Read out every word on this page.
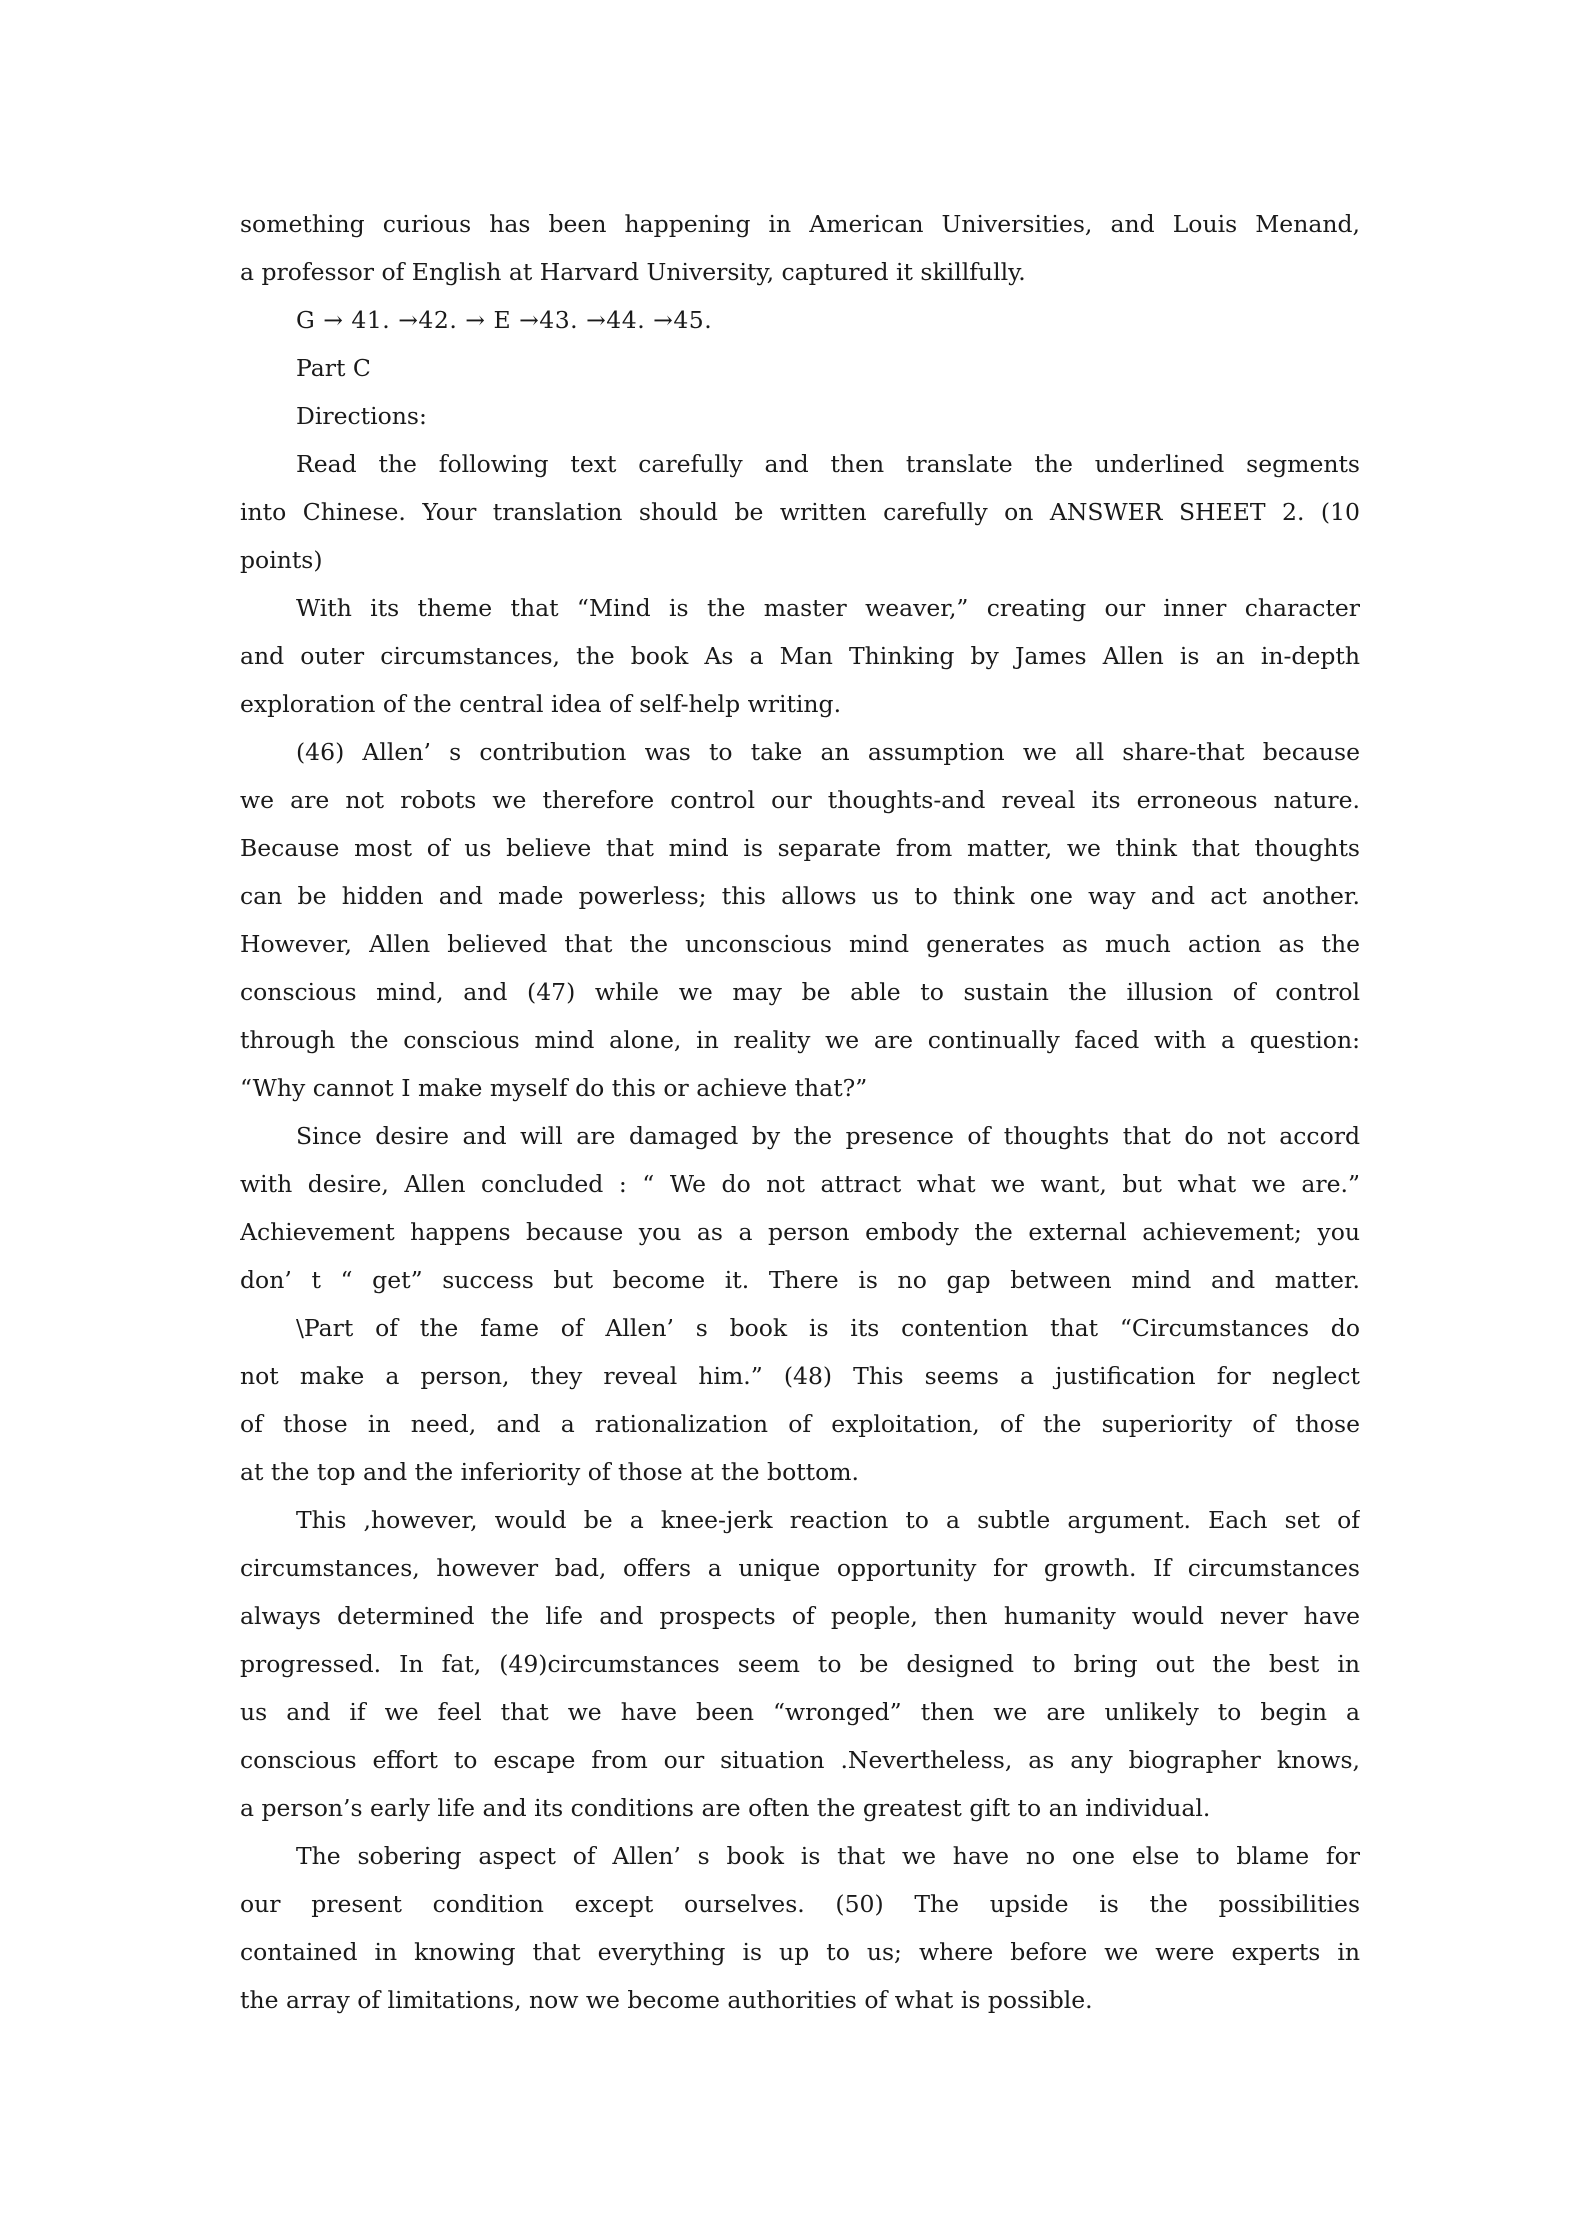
something curious has been happening in American Universities, and Louis Menand,
a professor of English at Harvard University, captured it skillfully.
G → 41. →42. → E →43. →44. →45.
Part C
Directions:
Read the following text carefully and then translate the underlined segments
into Chinese. Your translation should be written carefully on ANSWER SHEET 2. (10
points)
With its theme that “Mind is the master weaver,” creating our inner character
and outer circumstances, the book As a Man Thinking by James Allen is an in-depth
exploration of the central idea of self-help writing.
(46) Allen’ s contribution was to take an assumption we all share-that because
we are not robots we therefore control our thoughts-and reveal its erroneous nature.
Because most of us believe that mind is separate from matter, we think that thoughts
can be hidden and made powerless; this allows us to think one way and act another.
However, Allen believed that the unconscious mind generates as much action as the
conscious mind, and (47) while we may be able to sustain the illusion of control
through the conscious mind alone, in reality we are continually faced with a question:
“Why cannot I make myself do this or achieve that?”
Since desire and will are damaged by the presence of thoughts that do not accord
with desire, Allen concluded : “ We do not attract what we want, but what we are.”
Achievement happens because you as a person embody the external achievement; you
don’ t “ get” success but become it. There is no gap between mind and matter.
\Part of the fame of Allen’ s book is its contention that “Circumstances do
not make a person, they reveal him.” (48) This seems a justification for neglect
of those in need, and a rationalization of exploitation, of the superiority of those
at the top and the inferiority of those at the bottom.
This ,however, would be a knee-jerk reaction to a subtle argument. Each set of
circumstances, however bad, offers a unique opportunity for growth. If circumstances
always determined the life and prospects of people, then humanity would never have
progressed. In fat, (49)circumstances seem to be designed to bring out the best in
us and if we feel that we have been “wronged” then we are unlikely to begin a
conscious effort to escape from our situation .Nevertheless, as any biographer knows,
a person’s early life and its conditions are often the greatest gift to an individual.
The sobering aspect of Allen’ s book is that we have no one else to blame for
our present condition except ourselves. (50) The upside is the possibilities
contained in knowing that everything is up to us; where before we were experts in
the array of limitations, now we become authorities of what is possible.
